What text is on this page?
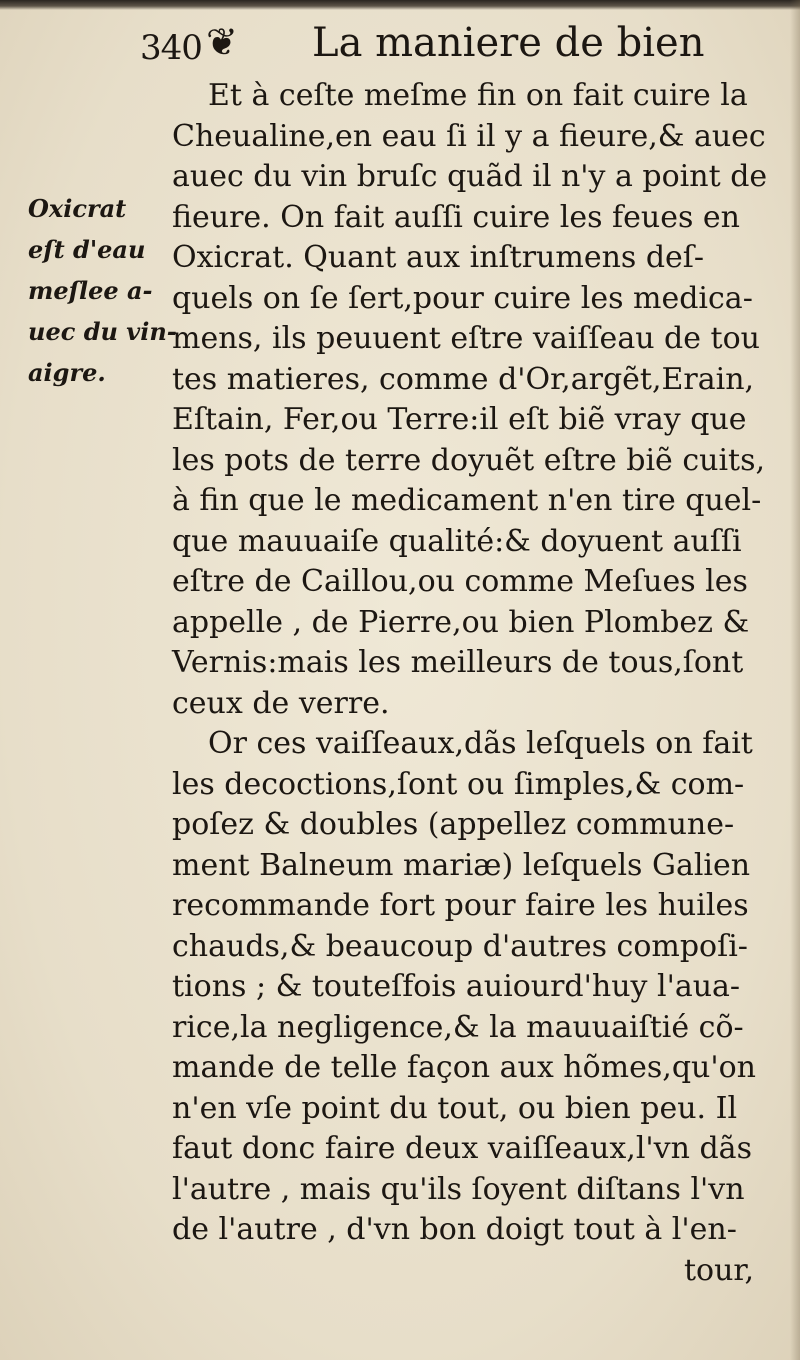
340 ❦ La maniere de bien
Oxicrat
eſt d'eau
meſlee a-
uec du vin-
aigre.
Et à ceſte meſme fin on fait cuire la
Cheualine,en eau ſi il y a fieure,& auec
auec du vin bruſc quãd il n'y a point de
fieure. On fait auſſi cuire les feues en
Oxicrat. Quant aux inſtrumens deſ-
quels on ſe ſert,pour cuire les medica-
mens, ils peuuent eſtre vaiſſeau de tou
tes matieres, comme d'Or,argẽt,Erain,
Eſtain, Fer,ou Terre:il eſt biẽ vray que
les pots de terre doyuẽt eſtre biẽ cuits,
à fin que le medicament n'en tire quel-
que mauuaiſe qualité:& doyuent auſſi
eſtre de Caillou,ou comme Meſues les
appelle , de Pierre,ou bien Plombez &
Vernis:mais les meilleurs de tous,ſont
ceux de verre.
Or ces vaiſſeaux,dãs leſquels on fait
les decoctions,ſont ou ſimples,& com-
poſez & doubles (appellez commune-
ment Balneum mariæ) leſquels Galien
recommande fort pour faire les huiles
chauds,& beaucoup d'autres compoſi-
tions ; & touteſfois auiourd'huy l'aua-
rice,la negligence,& la mauuaiſtié cõ-
mande de telle façon aux hõmes,qu'on
n'en vſe point du tout, ou bien peu. Il
faut donc faire deux vaiſſeaux,l'vn dãs
l'autre , mais qu'ils ſoyent diſtans l'vn
de l'autre , d'vn bon doigt tout à l'en-
tour,
